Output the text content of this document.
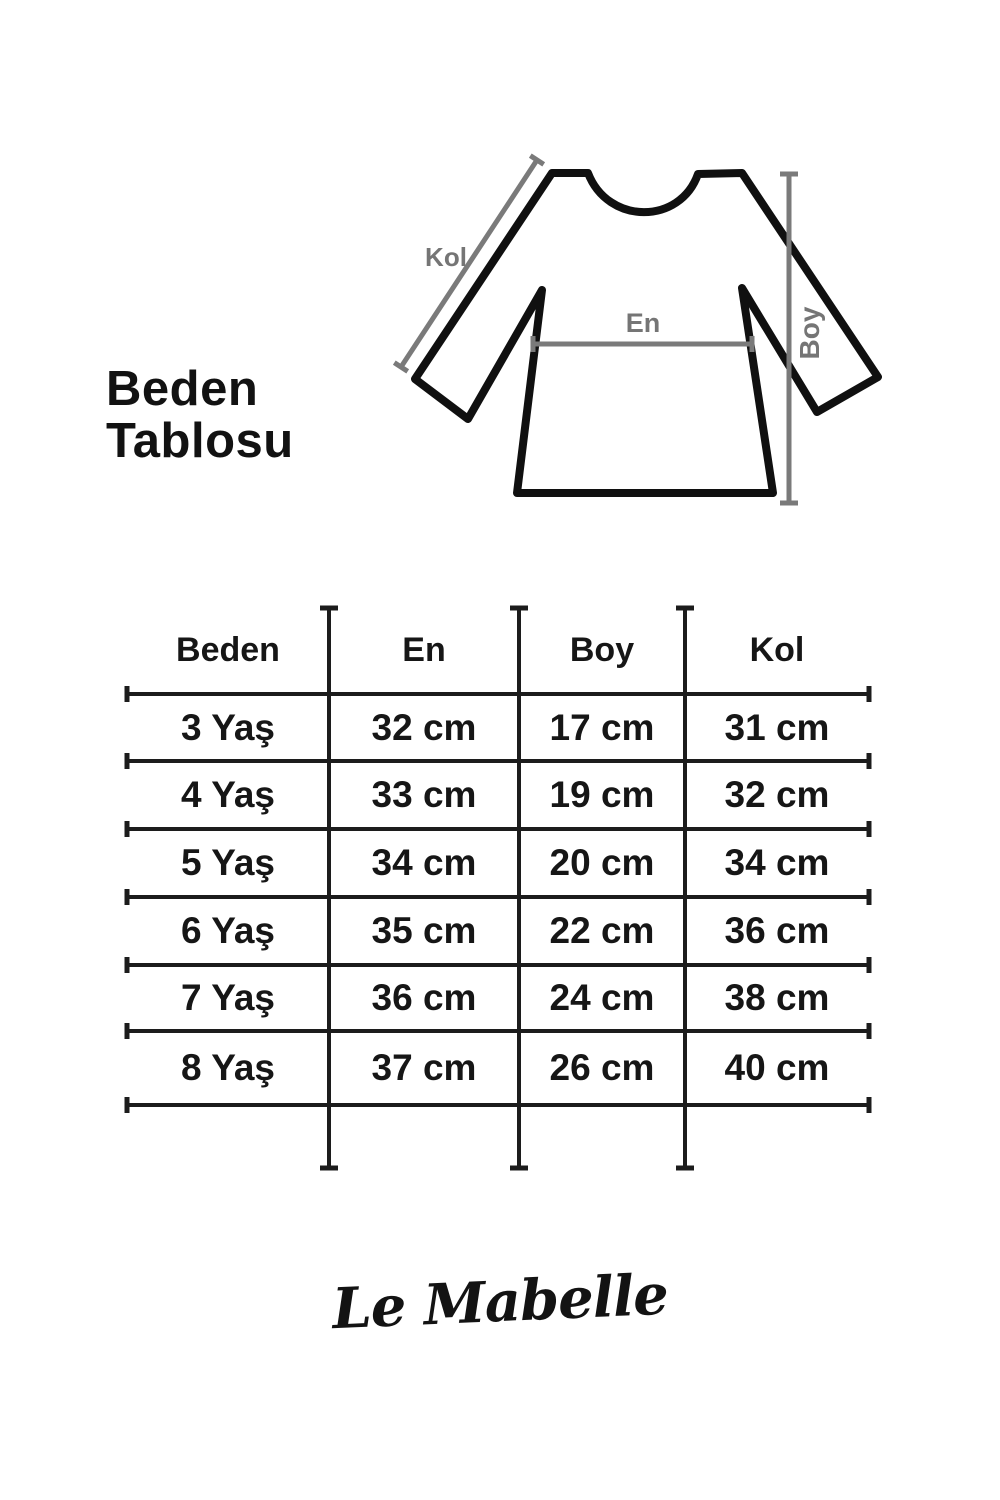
Beden
Tablosu
Kol
En	Boy
Beden	En	Boy	Kol
3 Yaş	32 cm	17 cm	31 cm
4 Yaş	33 cm	19 cm	32 cm
5 Yaş	34 cm	20 cm	34 cm
6 Yaş	35 cm	22 cm	36 cm
7 Yaş	36 cm	24 cm	38 cm
8 Yaş	37 cm	26 cm	40 cm
Le Mabelle
